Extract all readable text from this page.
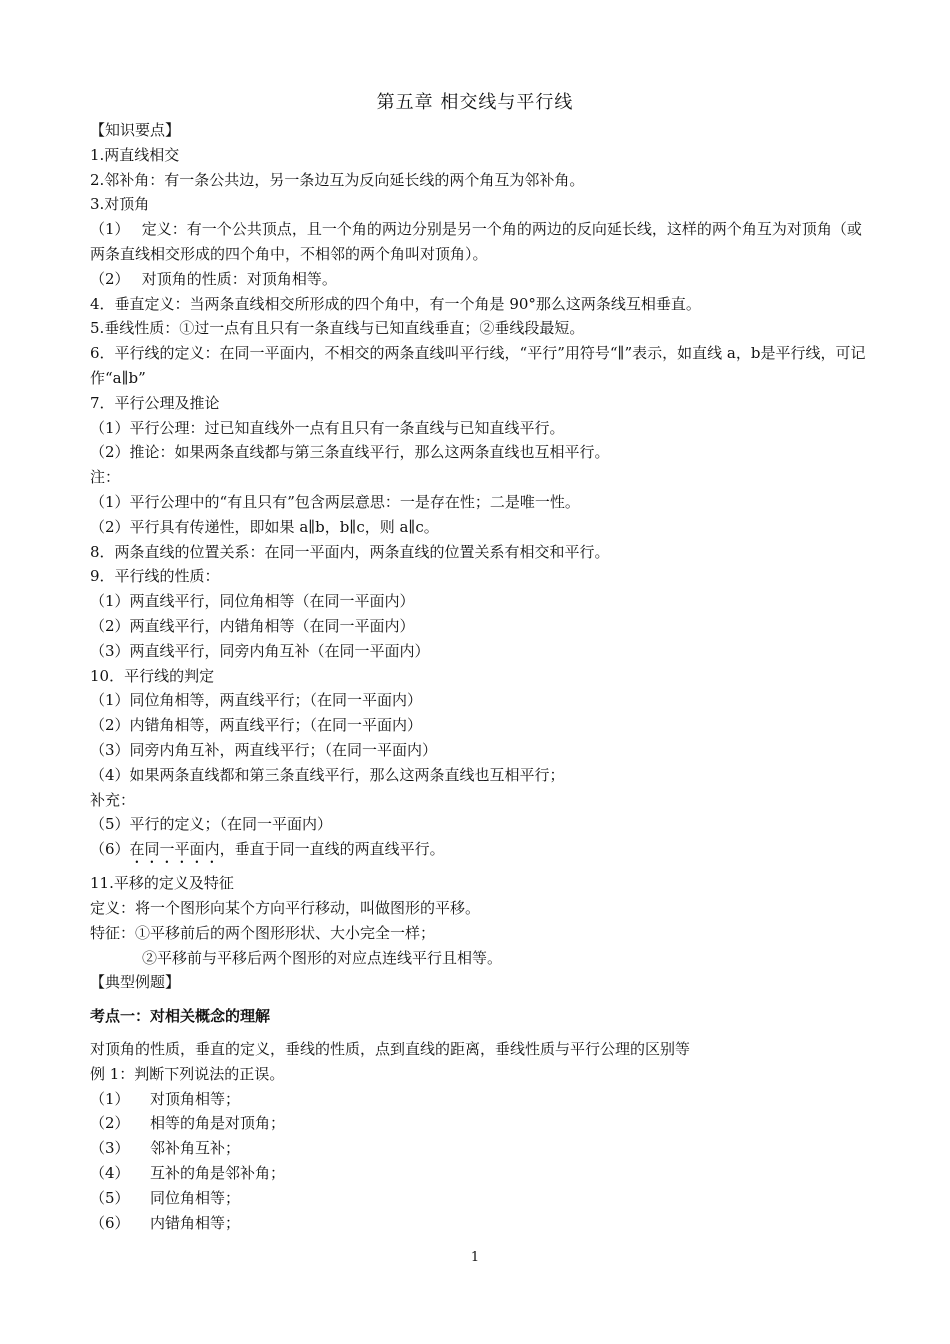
第五章 相交线与平行线
【知识要点】
1.两直线相交
2.邻补角：有一条公共边，另一条边互为反向延长线的两个角互为邻补角。
3.对顶角
（1）　 定义：有一个公共顶点，且一个角的两边分别是另一个角的两边的反向延长线，这样的两个角互为对顶角（或两条直线相交形成的四个角中，不相邻的两个角叫对顶角）。
（2）　 对顶角的性质：对顶角相等。
4．垂直定义：当两条直线相交所形成的四个角中，有一个角是 90°那么这两条线互相垂直。
5.垂线性质：①过一点有且只有一条直线与已知直线垂直；②垂线段最短。
6．平行线的定义：在同一平面内，不相交的两条直线叫平行线，“平行”用符号“∥”表示，如直线 a，b是平行线，可记作“a∥b”
7．平行公理及推论
（1）平行公理：过已知直线外一点有且只有一条直线与已知直线平行。
（2）推论：如果两条直线都与第三条直线平行，那么这两条直线也互相平行。
注：
（1）平行公理中的“有且只有”包含两层意思：一是存在性；二是唯一性。
（2）平行具有传递性，即如果 a∥b，b∥c，则 a∥c。
8．两条直线的位置关系：在同一平面内，两条直线的位置关系有相交和平行。
9．平行线的性质：
（1）两直线平行，同位角相等（在同一平面内）
（2）两直线平行，内错角相等（在同一平面内）
（3）两直线平行，同旁内角互补（在同一平面内）
10．平行线的判定
（1）同位角相等，两直线平行；（在同一平面内）
（2）内错角相等，两直线平行；（在同一平面内）
（3）同旁内角互补，两直线平行；（在同一平面内）
（4）如果两条直线都和第三条直线平行，那么这两条直线也互相平行；
补充：
（5）平行的定义；（在同一平面内）
（6）在同一平面内，垂直于同一直线的两直线平行。
11.平移的定义及特征
定义：将一个图形向某个方向平行移动，叫做图形的平移。
特征：①平移前后的两个图形形状、大小完全一样；
②平移前与平移后两个图形的对应点连线平行且相等。
【典型例题】
考点一：对相关概念的理解
对顶角的性质，垂直的定义，垂线的性质，点到直线的距离，垂线性质与平行公理的区别等
例 1：判断下列说法的正误。
（1）	对顶角相等；
（2）	相等的角是对顶角；
（3）	邻补角互补；
（4）	互补的角是邻补角；
（5）	同位角相等；
（6）	内错角相等；
1
